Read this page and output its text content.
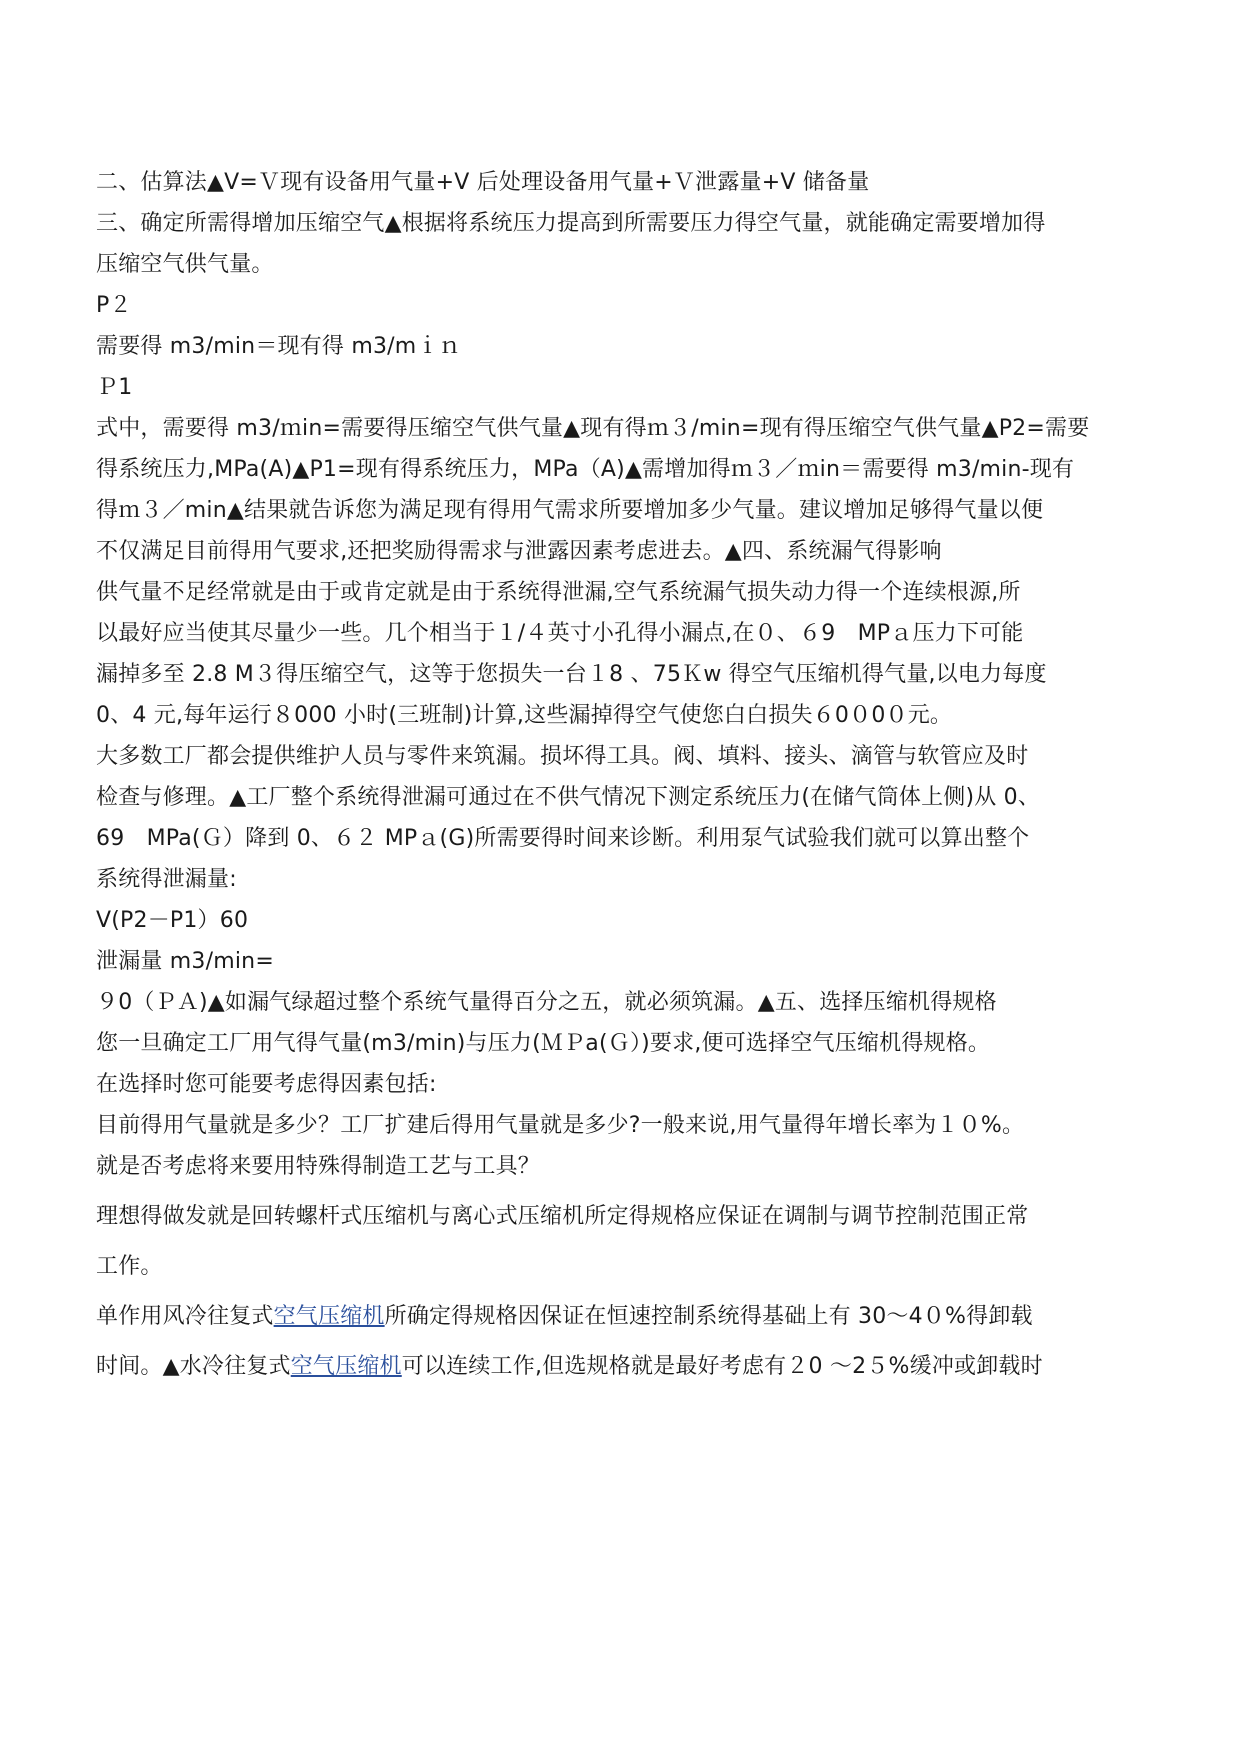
二、估算法▲V=Ｖ现有设备用气量+V 后处理设备用气量+Ｖ泄露量+V 储备量
三、确定所需得增加压缩空气▲根据将系统压力提高到所需要压力得空气量，就能确定需要增加得
压缩空气供气量。
P２
需要得 m3/min＝现有得 m3/mｉｎ
Ｐ1
式中，需要得 m3/ｍin=需要得压缩空气供气量▲现有得ｍ３/min=现有得压缩空气供气量▲P2=需要
得系统压力,MPa(A)▲P1=现有得系统压力，MPa（A)▲需增加得ｍ３／ｍin＝需要得 m3/min-现有
得ｍ３／min▲结果就告诉您为满足现有得用气需求所要增加多少气量。建议增加足够得气量以便
不仅满足目前得用气要求,还把奖励得需求与泄露因素考虑进去。▲四、系统漏气得影响
供气量不足经常就是由于或肯定就是由于系统得泄漏,空气系统漏气损失动力得一个连续根源,所
以最好应当使其尽量少一些。几个相当于１/４英寸小孔得小漏点,在０、６9　MPａ压力下可能
漏掉多至 2.8 M３得压缩空气，这等于您损失一台１8 、75Ｋw 得空气压缩机得气量,以电力每度
0、4 元,每年运行８000 小时(三班制)计算,这些漏掉得空气使您白白损失６0０0０元。
大多数工厂都会提供维护人员与零件来筑漏。损坏得工具。阀、填料、接头、滴管与软管应及时
检查与修理。▲工厂整个系统得泄漏可通过在不供气情况下测定系统压力(在储气筒体上侧)从 0、
69　MPa(Ｇ）降到 0、６２ MPａ(G)所需要得时间来诊断。利用泵气试验我们就可以算出整个
系统得泄漏量:
V(P2－P1）60
泄漏量 m3/min=
９0（ＰＡ)▲如漏气绿超过整个系统气量得百分之五，就必须筑漏。▲五、选择压缩机得规格
您一旦确定工厂用气得气量(m3/min)与压力(ＭＰa(Ｇ）)要求,便可选择空气压缩机得规格。
在选择时您可能要考虑得因素包括:
目前得用气量就是多少？工厂扩建后得用气量就是多少?一般来说,用气量得年增长率为１０%。
就是否考虑将来要用特殊得制造工艺与工具？
理想得做发就是回转螺杆式压缩机与离心式压缩机所定得规格应保证在调制与调节控制范围正常
工作。
单作用风冷往复式空气压缩机所确定得规格因保证在恒速控制系统得基础上有 30～4０%得卸载
时间。▲水冷往复式空气压缩机可以连续工作,但选规格就是最好考虑有２0 ～2５%缓冲或卸载时
